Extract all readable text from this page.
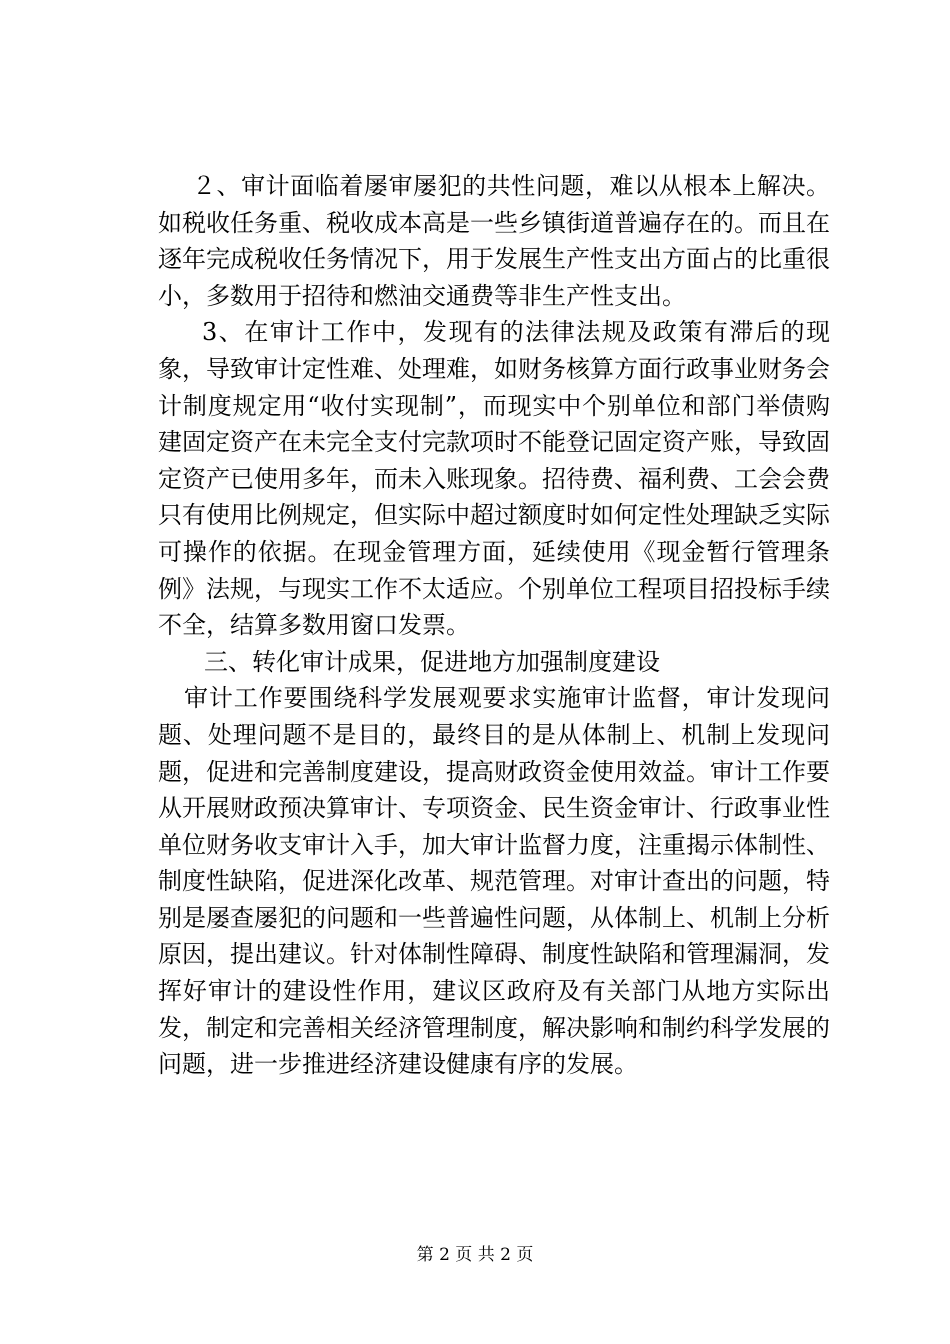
２、审计面临着屡审屡犯的共性问题，难以从根本上解决。如税收任务重、税收成本高是一些乡镇街道普遍存在的。而且在逐年完成税收任务情况下，用于发展生产性支出方面占的比重很小，多数用于招待和燃油交通费等非生产性支出。

3、在审计工作中，发现有的法律法规及政策有滞后的现象，导致审计定性难、处理难，如财务核算方面行政事业财务会计制度规定用“收付实现制”，而现实中个别单位和部门举债购建固定资产在未完全支付完款项时不能登记固定资产账，导致固定资产已使用多年，而未入账现象。招待费、福利费、工会会费只有使用比例规定，但实际中超过额度时如何定性处理缺乏实际可操作的依据。在现金管理方面，延续使用《现金暂行管理条例》法规，与现实工作不太适应。个别单位工程项目招投标手续不全，结算多数用窗口发票。

三、转化审计成果，促进地方加强制度建设

审计工作要围绕科学发展观要求实施审计监督，审计发现问题、处理问题不是目的，最终目的是从体制上、机制上发现问题，促进和完善制度建设，提高财政资金使用效益。审计工作要从开展财政预决算审计、专项资金、民生资金审计、行政事业性单位财务收支审计入手，加大审计监督力度，注重揭示体制性、制度性缺陷，促进深化改革、规范管理。对审计查出的问题，特别是屡查屡犯的问题和一些普遍性问题，从体制上、机制上分析原因，提出建议。针对体制性障碍、制度性缺陷和管理漏洞，发挥好审计的建设性作用，建议区政府及有关部门从地方实际出发，制定和完善相关经济管理制度，解决影响和制约科学发展的问题，进一步推进经济建设健康有序的发展。

第 2 页 共 2 页
